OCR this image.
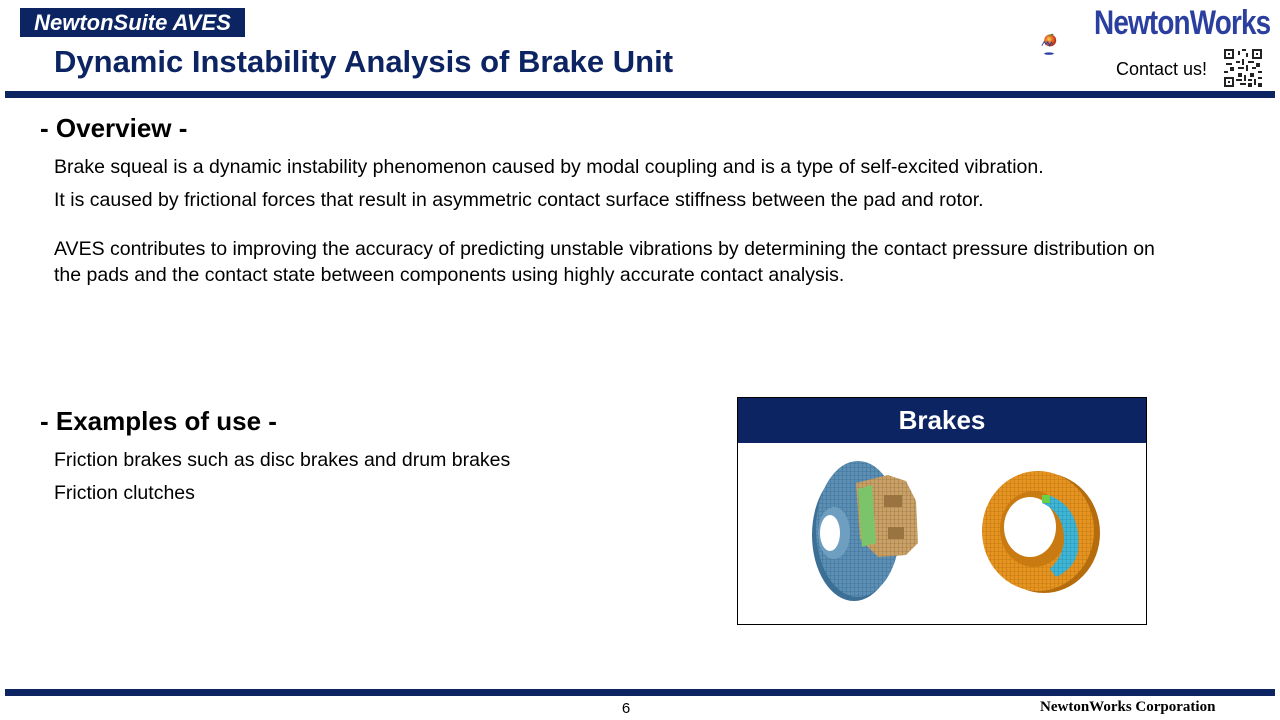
NewtonSuite AVES
Dynamic Instability Analysis of Brake Unit
NewtonWorks
Contact us!
- Overview -
Brake squeal is a dynamic instability phenomenon caused by modal coupling and is a type of self-excited vibration.
It is caused by frictional forces that result in asymmetric contact surface stiffness between the pad and rotor.
AVES contributes to improving the accuracy of predicting unstable vibrations by determining the contact pressure distribution on the pads and the contact state between components using highly accurate contact analysis.
- Examples of use -
Friction brakes such as disc brakes and drum brakes
Friction clutches
Brakes
6	NewtonWorks Corporation
